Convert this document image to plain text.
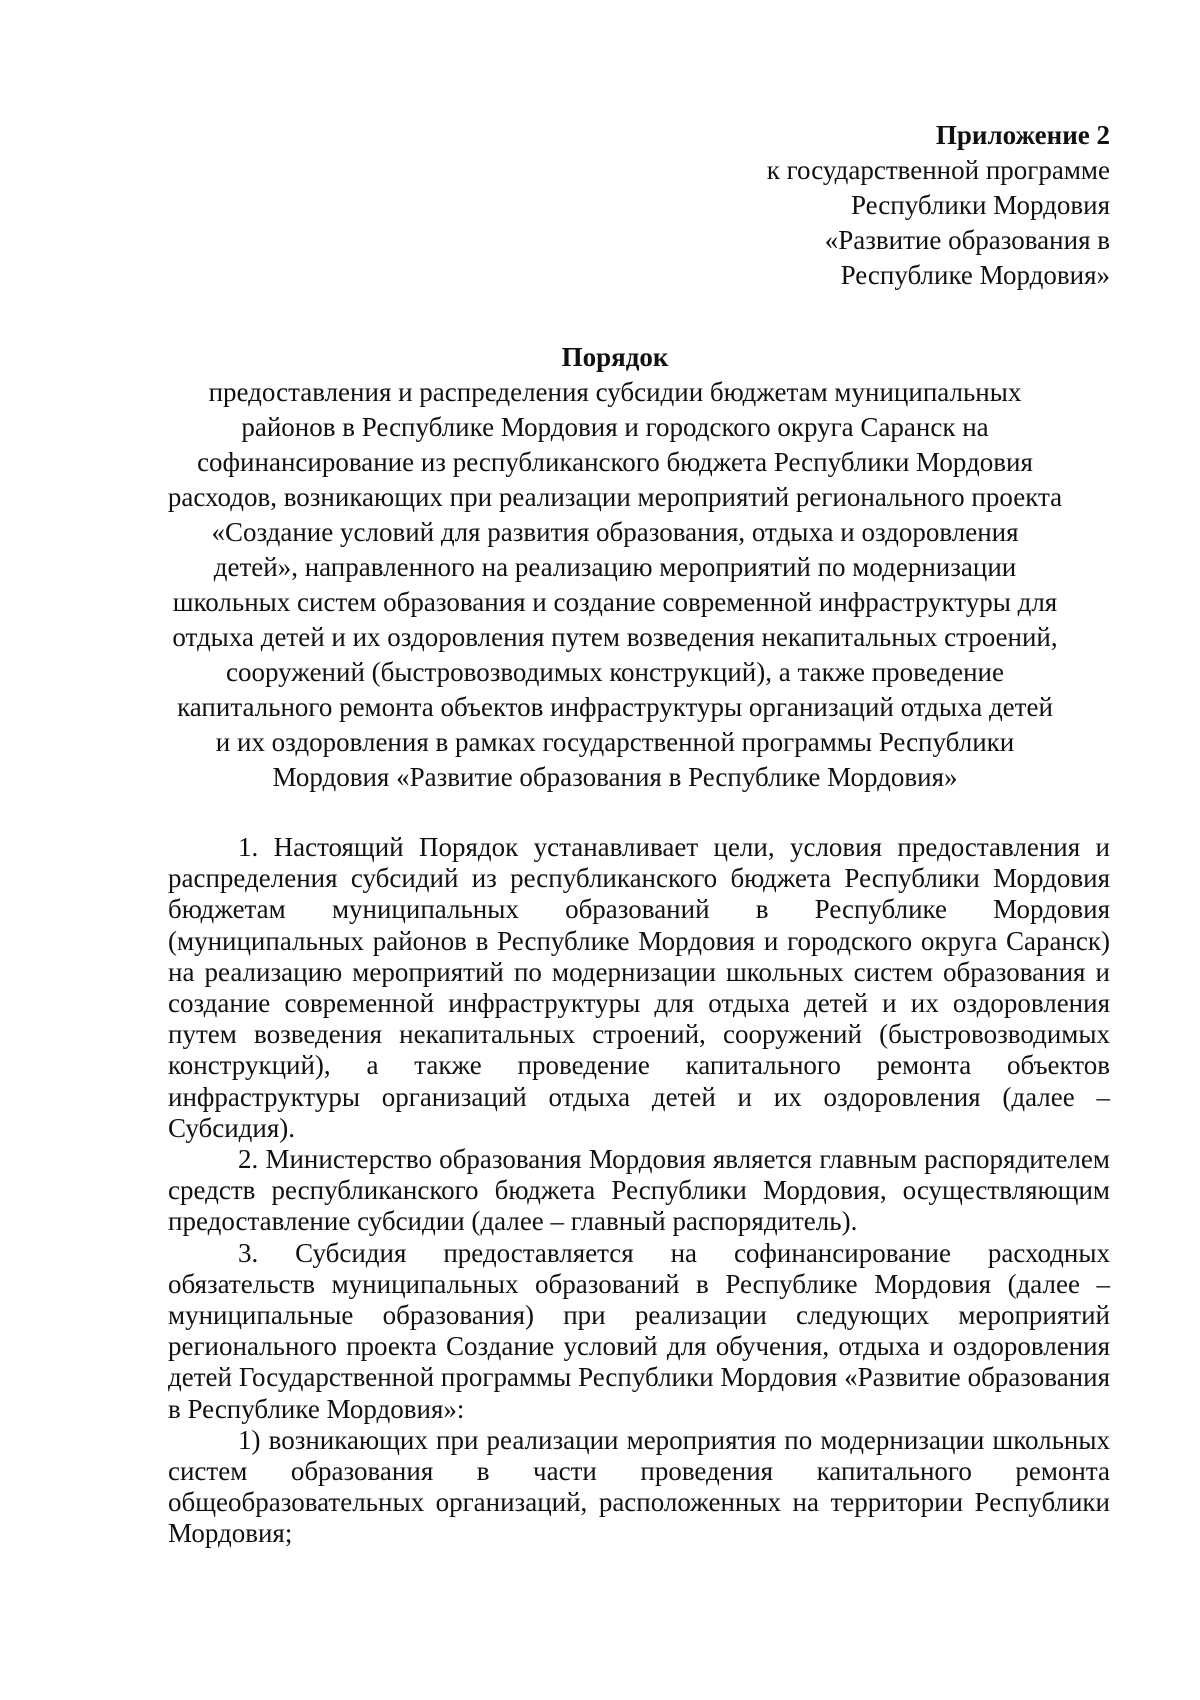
Приложение 2
к государственной программе
Республики Мордовия
«Развитие образования в
Республике Мордовия»
Порядок
предоставления и распределения субсидии бюджетам муниципальных
районов в Республике Мордовия и городского округа Саранск на
софинансирование из республиканского бюджета Республики Мордовия
расходов, возникающих при реализации мероприятий регионального проекта
«Создание условий для развития образования, отдыха и оздоровления
детей», направленного на реализацию мероприятий по модернизации
школьных систем образования и создание современной инфраструктуры для
отдыха детей и их оздоровления путем возведения некапитальных строений,
сооружений (быстровозводимых конструкций), а также проведение
капитального ремонта объектов инфраструктуры организаций отдыха детей
и их оздоровления в рамках государственной программы Республики
Мордовия «Развитие образования в Республике Мордовия»

1. Настоящий Порядок устанавливает цели, условия предоставления и распределения субсидий из республиканского бюджета Республики Мордовия бюджетам муниципальных образований в Республике Мордовия (муниципальных районов в Республике Мордовия и городского округа Саранск) на реализацию мероприятий по модернизации школьных систем образования и создание современной инфраструктуры для отдыха детей и их оздоровления путем возведения некапитальных строений, сооружений (быстровозводимых конструкций), а также проведение капитального ремонта объектов инфраструктуры организаций отдыха детей и их оздоровления (далее – Субсидия).

2. Министерство образования Мордовия является главным распорядителем средств республиканского бюджета Республики Мордовия, осуществляющим предоставление субсидии (далее – главный распорядитель).

3. Субсидия предоставляется на софинансирование расходных обязательств муниципальных образований в Республике Мордовия (далее – муниципальные образования) при реализации следующих мероприятий регионального проекта Создание условий для обучения, отдыха и оздоровления детей Государственной программы Республики Мордовия «Развитие образования в Республике Мордовия»:

1) возникающих при реализации мероприятия по модернизации школьных систем образования в части проведения капитального ремонта общеобразовательных организаций, расположенных на территории Республики Мордовия;
